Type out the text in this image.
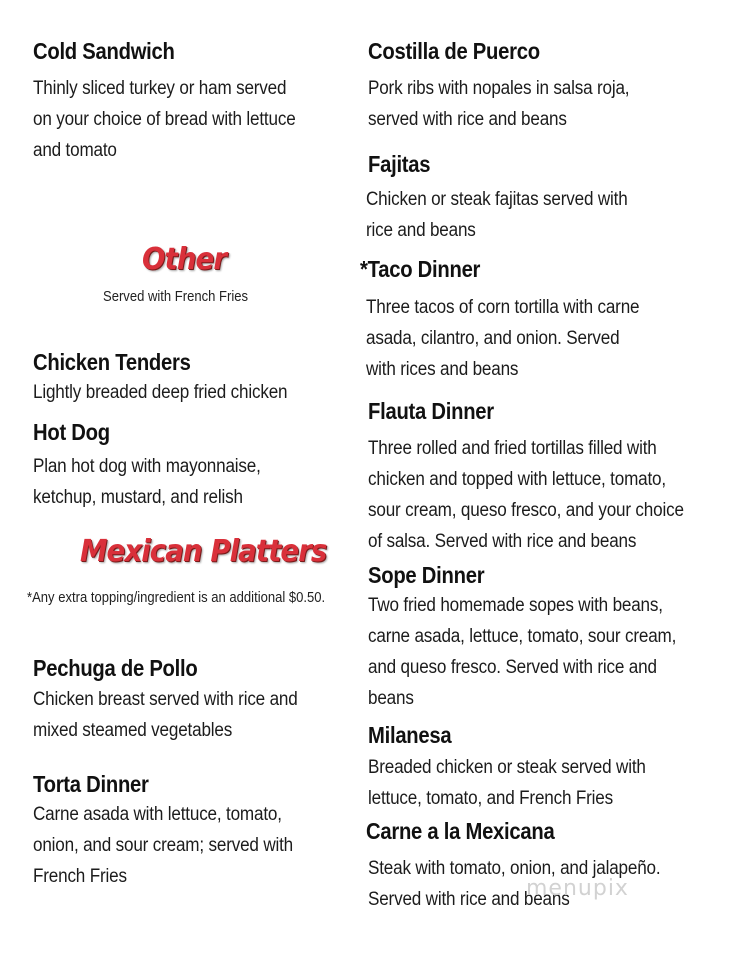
Cold Sandwich
Thinly sliced turkey or ham served
on your choice of bread with lettuce
and tomato
Other
Served with French Fries
Chicken Tenders
Lightly breaded deep fried chicken
Hot Dog
Plan hot dog with mayonnaise,
ketchup, mustard, and relish
Mexican Platters
*Any extra topping/ingredient is an additional $0.50.
Pechuga de Pollo
Chicken breast served with rice and
mixed steamed vegetables
Torta Dinner
Carne asada with lettuce, tomato,
onion, and sour cream; served with
French Fries
Costilla de Puerco
Pork ribs with nopales in salsa roja,
served with rice and beans
Fajitas
Chicken or steak fajitas served with
rice and beans
*Taco Dinner
Three tacos of corn tortilla with carne
asada, cilantro, and onion. Served
with rices and beans
Flauta Dinner
Three rolled and fried tortillas filled with
chicken and topped with lettuce, tomato,
sour cream, queso fresco, and your choice
of salsa. Served with rice and beans
Sope Dinner
Two fried homemade sopes with beans,
carne asada, lettuce, tomato, sour cream,
and queso fresco. Served with rice and
beans
Milanesa
Breaded chicken or steak served with
lettuce, tomato, and French Fries
Carne a la Mexicana
Steak with tomato, onion, and jalapeño.
Served with rice and beans
menupix
